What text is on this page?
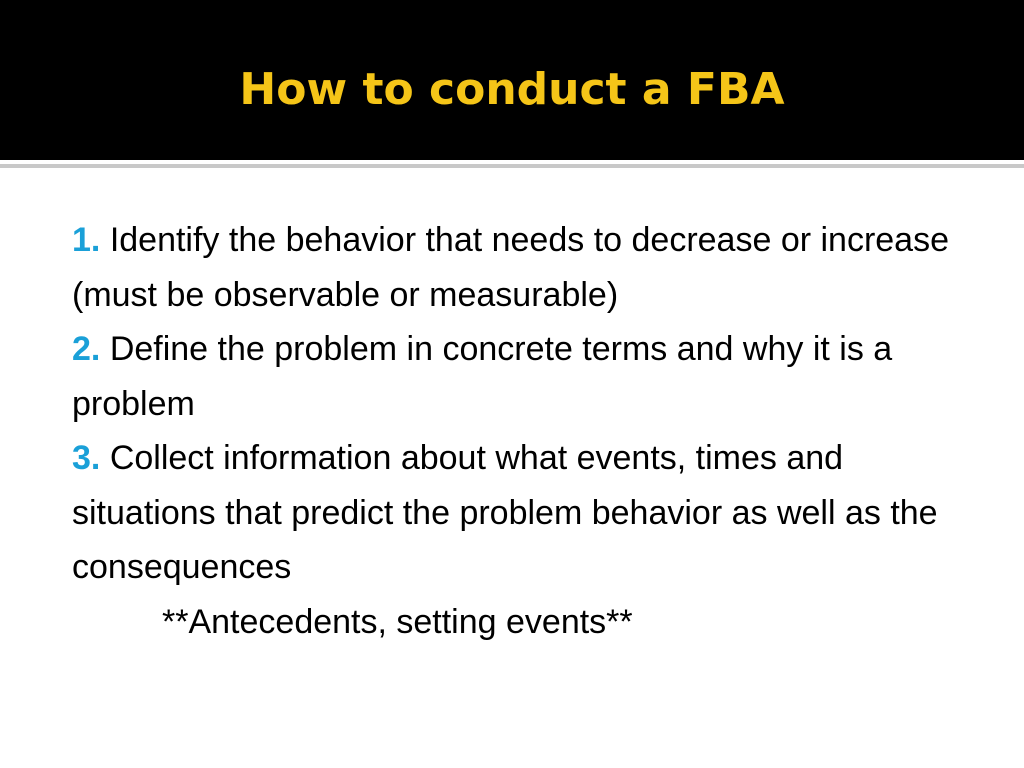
How to conduct a FBA

1. Identify the behavior that needs to decrease or increase (must be observable or measurable)

2. Define the problem in concrete terms and why it is a problem

3. Collect information about what events, times and situations that predict the problem behavior as well as the consequences

**Antecedents, setting events**
